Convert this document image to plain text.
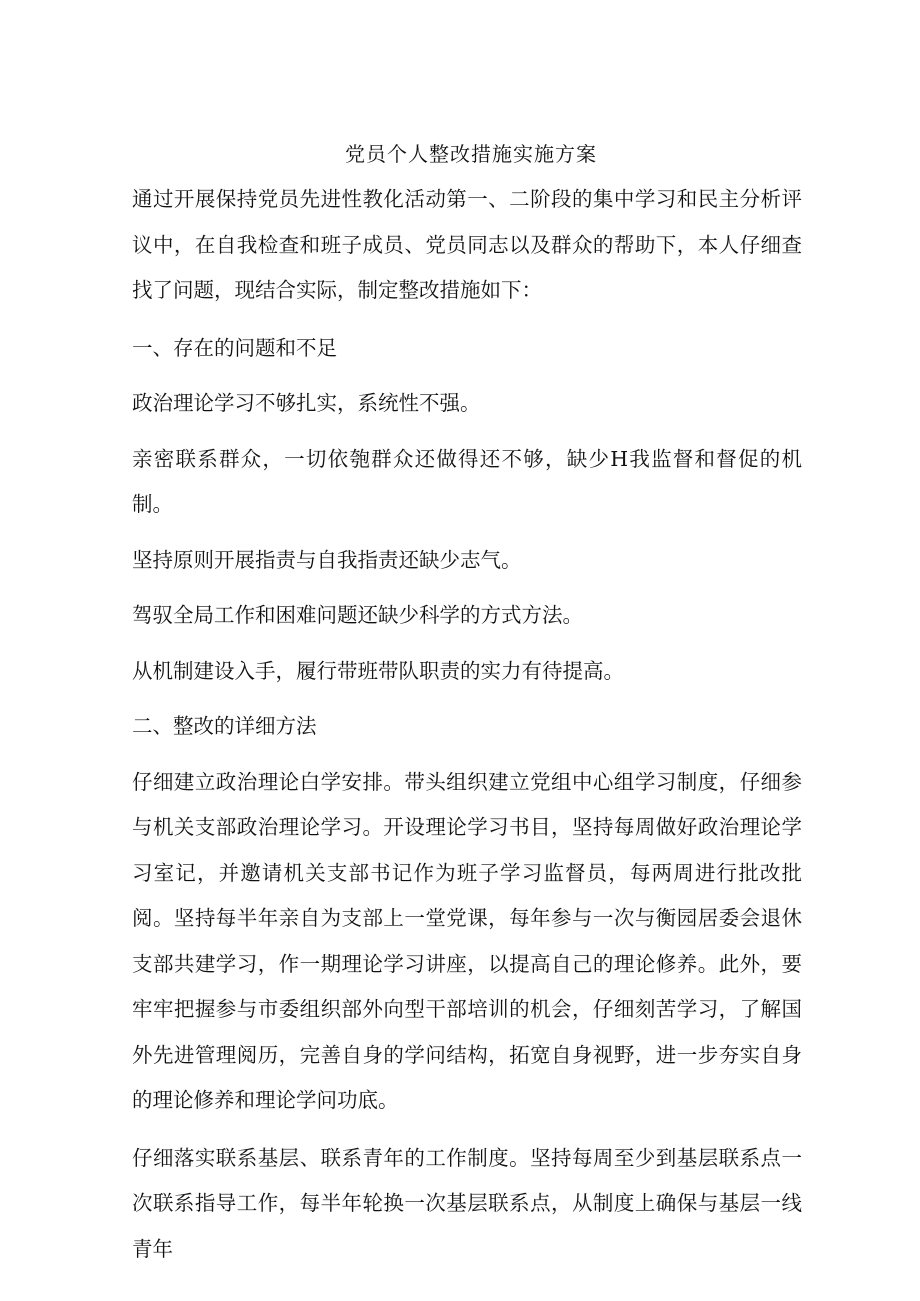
党员个人整改措施实施方案

通过开展保持党员先进性教化活动第一、二阶段的集中学习和民主分析评议中，在自我检查和班子成员、党员同志以及群众的帮助下，本人仔细查找了问题，现结合实际，制定整改措施如下：

一、存在的问题和不足

政治理论学习不够扎实，系统性不强。

亲密联系群众，一切依匏群众还做得还不够，缺少H我监督和督促的机制。

坚持原则开展指责与自我指责还缺少志气。

驾驭全局工作和困难问题还缺少科学的方式方法。

从机制建设入手，履行带班带队职责的实力有待提高。

二、整改的详细方法

仔细建立政治理论白学安排。带头组织建立党组中心组学习制度，仔细参与机关支部政治理论学习。开设理论学习书目，坚持每周做好政治理论学习室记，并邀请机关支部书记作为班子学习监督员，每两周进行批改批阅。坚持每半年亲自为支部上一堂党课，每年参与一次与衡园居委会退休支部共建学习，作一期理论学习讲座，以提高自己的理论修养。此外，要牢牢把握参与市委组织部外向型干部培训的机会，仔细刻苦学习，了解国外先进管理阅历，完善自身的学问结构，拓宽自身视野，进一步夯实自身的理论修养和理论学问功底。

仔细落实联系基层、联系青年的工作制度。坚持每周至少到基层联系点一次联系指导工作，每半年轮换一次基层联系点，从制度上确保与基层一线青年
